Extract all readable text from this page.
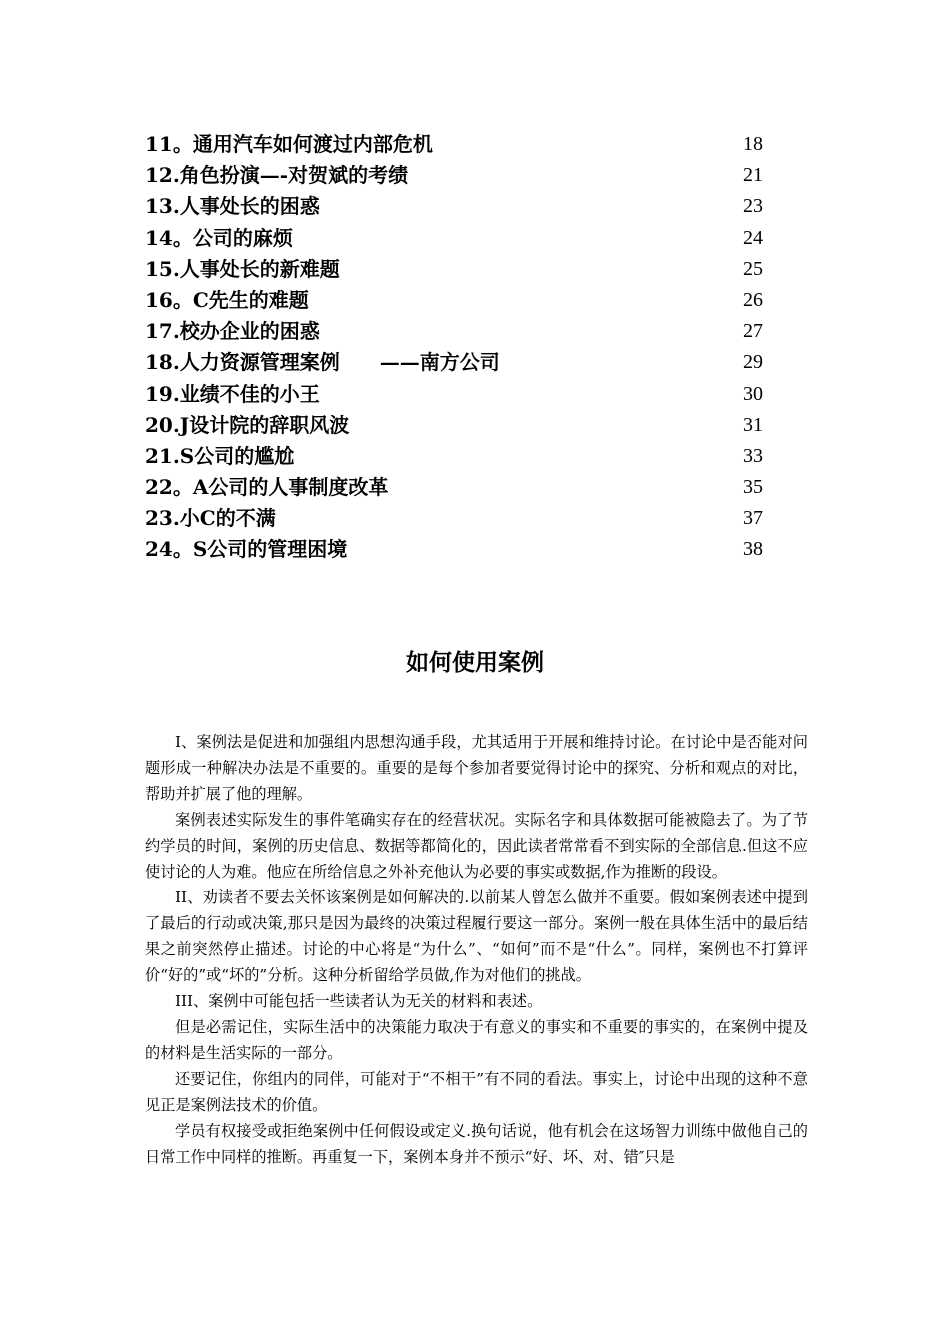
11。通用汽车如何渡过内部危机	18
12.角色扮演—-对贺斌的考绩	21
13.人事处长的困惑	23
14。公司的麻烦	24
15.人事处长的新难题	25
16。C先生的难题	26
17.校办企业的困惑	27
18.人力资源管理案例　　——南方公司	29
19.业绩不佳的小王	30
20.J设计院的辞职风波	31
21.S公司的尴尬	33
22。A公司的人事制度改革	35
23.小C的不满	37
24。S公司的管理困境	38
如何使用案例

I、案例法是促进和加强组内思想沟通手段，尤其适用于开展和维持讨论。在讨论中是否能对问题形成一种解决办法是不重要的。重要的是每个参加者要觉得讨论中的探究、分析和观点的对比，帮助并扩展了他的理解。

案例表述实际发生的事件笔确实存在的经营状况。实际名字和具体数据可能被隐去了。为了节约学员的时间，案例的历史信息、数据等都简化的，因此读者常常看不到实际的全部信息.但这不应使讨论的人为难。他应在所给信息之外补充他认为必要的事实或数据,作为推断的段设。

II、劝读者不要去关怀该案例是如何解决的.以前某人曾怎么做并不重要。假如案例表述中提到了最后的行动或决策,那只是因为最终的决策过程履行要这一部分。案例一般在具体生活中的最后结果之前突然停止描述。讨论的中心将是“为什么”、“如何”而不是“什么”。同样，案例也不打算评价“好的”或“坏的”分析。这种分析留给学员做,作为对他们的挑战。

III、案例中可能包括一些读者认为无关的材料和表述。

但是必需记住，实际生活中的决策能力取决于有意义的事实和不重要的事实的，在案例中提及的材料是生活实际的一部分。

还要记住，你组内的同伴，可能对于“不相干”有不同的看法。事实上，讨论中出现的这种不意见正是案例法技术的价值。

学员有权接受或拒绝案例中任何假设或定义.换句话说，他有机会在这场智力训练中做他自己的日常工作中同样的推断。再重复一下，案例本身并不预示“好、坏、对、错″只是
